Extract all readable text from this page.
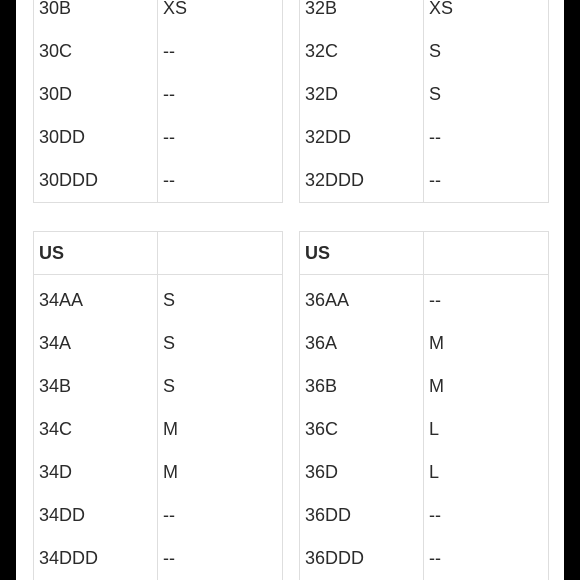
30B	XS
30C	--
30D	--
30DD	--
30DDD	--
32B	XS
32C	S
32D	S
32DD	--
32DDD	--
US	
34AA	S
34A	S
34B	S
34C	M
34D	M
34DD	--
34DDD	--
US	
36AA	--
36A	M
36B	M
36C	L
36D	L
36DD	--
36DDD	--
